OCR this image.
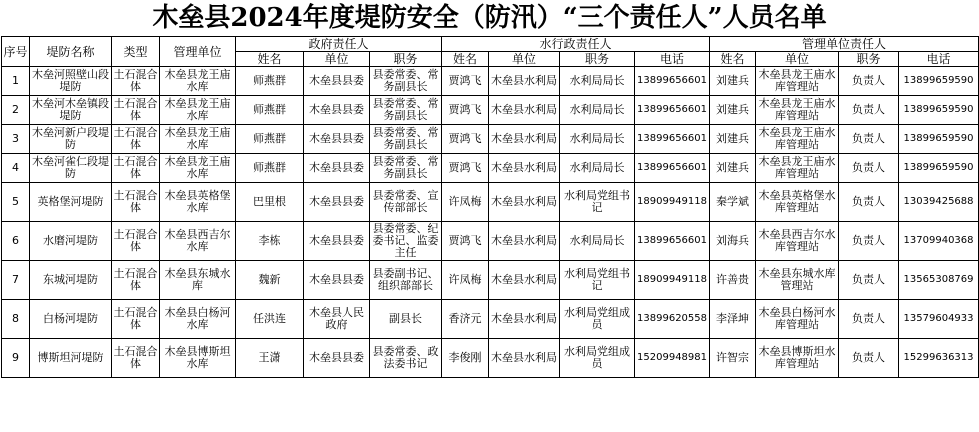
木垒县2024年度堤防安全（防汛）“三个责任人”人员名单
序号	堤防名称	类型	管理单位	政府责任人			水行政责任人				管理单位责任人			
				姓名	单位	职务	姓名	单位	职务	电话	姓名	单位	职务	电话
1	木垒河照壁山段堤防	土石混合体	木垒县龙王庙水库	师燕群	木垒县县委	县委常委、常务副县长	贾鸿飞	木垒县水利局	水利局局长	13899656601	刘建兵	木垒县龙王庙水库管理站	负责人	13899659590
2	木垒河木垒镇段堤防	土石混合体	木垒县龙王庙水库	师燕群	木垒县县委	县委常委、常务副县长	贾鸿飞	木垒县水利局	水利局局长	13899656601	刘建兵	木垒县龙王庙水库管理站	负责人	13899659590
3	木垒河新户段堤防	土石混合体	木垒县龙王庙水库	师燕群	木垒县县委	县委常委、常务副县长	贾鸿飞	木垒县水利局	水利局局长	13899656601	刘建兵	木垒县龙王庙水库管理站	负责人	13899659590
4	木垒河雀仁段堤防	土石混合体	木垒县龙王庙水库	师燕群	木垒县县委	县委常委、常务副县长	贾鸿飞	木垒县水利局	水利局局长	13899656601	刘建兵	木垒县龙王庙水库管理站	负责人	13899659590
5	英格堡河堤防	土石混合体	木垒县英格堡水库	巴里根	木垒县县委	县委常委、宣传部部长	许凤梅	木垒县水利局	水利局党组书记	18909949118	秦学斌	木垒县英格堡水库管理站	负责人	13039425688
6	水磨河堤防	土石混合体	木垒县西吉尔水库	李栋	木垒县县委	县委常委、纪委书记、监委主任	贾鸿飞	木垒县水利局	水利局局长	13899656601	刘海兵	木垒县西吉尔水库管理站	负责人	13709940368
7	东城河堤防	土石混合体	木垒县东城水库	魏新	木垒县县委	县委副书记、组织部部长	许凤梅	木垒县水利局	水利局党组书记	18909949118	许善贵	木垒县东城水库管理站	负责人	13565308769
8	白杨河堤防	土石混合体	木垒县白杨河水库	任洪连	木垒县人民政府	副县长	香济元	木垒县水利局	水利局党组成员	13899620558	李泽坤	木垒县白杨河水库管理站	负责人	13579604933
9	博斯坦河堤防	土石混合体	木垒县博斯坦水库	王潇	木垒县县委	县委常委、政法委书记	李俊刚	木垒县水利局	水利局党组成员	15209948981	许智宗	木垒县博斯坦水库管理站	负责人	15299636313
